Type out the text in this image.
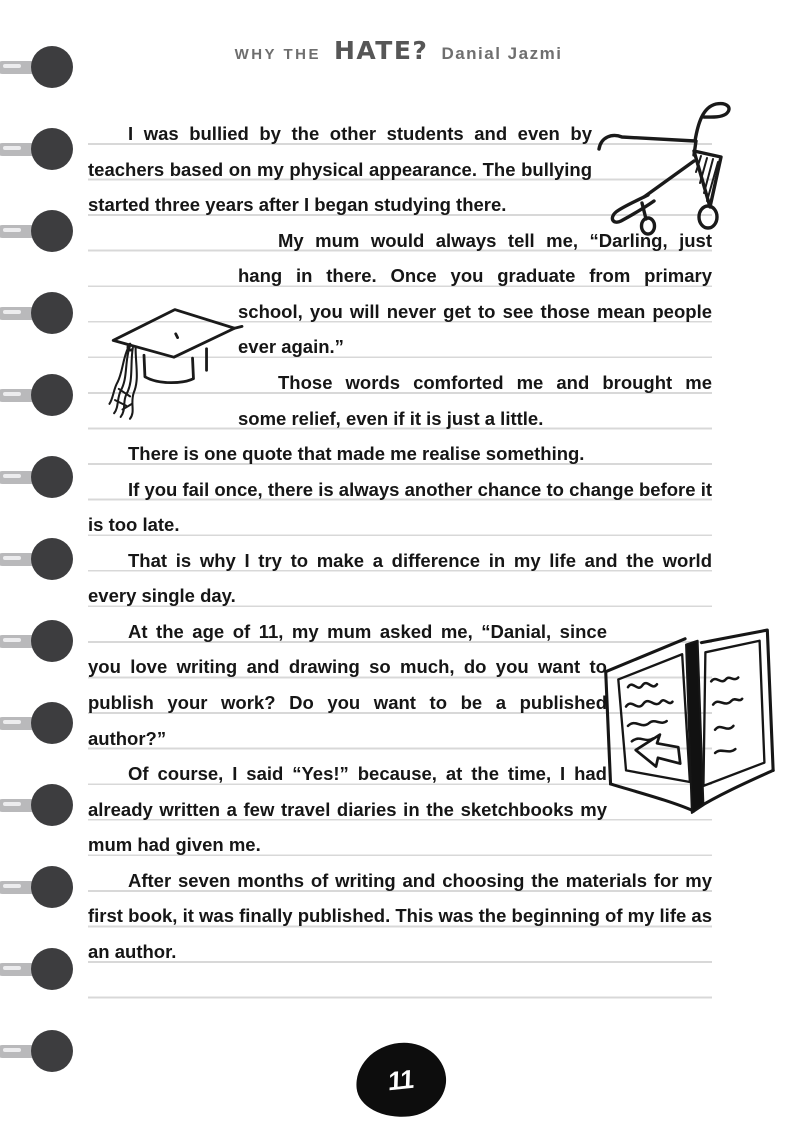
WHY THE HATE? Danial Jazmi

I was bullied by the other students and even by teachers based on my physical appearance. The bullying started three years after I began studying there.

My mum would always tell me, “Darling, just hang in there. Once you graduate from primary school, you will never get to see those mean people ever again.”

Those words comforted me and brought me some relief, even if it is just a little.

There is one quote that made me realise something.

If you fail once, there is always another chance to change before it is too late.

That is why I try to make a difference in my life and the world every single day.

At the age of 11, my mum asked me, “Danial, since you love writing and drawing so much, do you want to publish your work? Do you want to be a published author?”

Of course, I said “Yes!” because, at the time, I had already written a few travel diaries in the sketchbooks my mum had given me.

After seven months of writing and choosing the materials for my first book, it was finally published. This was the beginning of my life as an author.

11
